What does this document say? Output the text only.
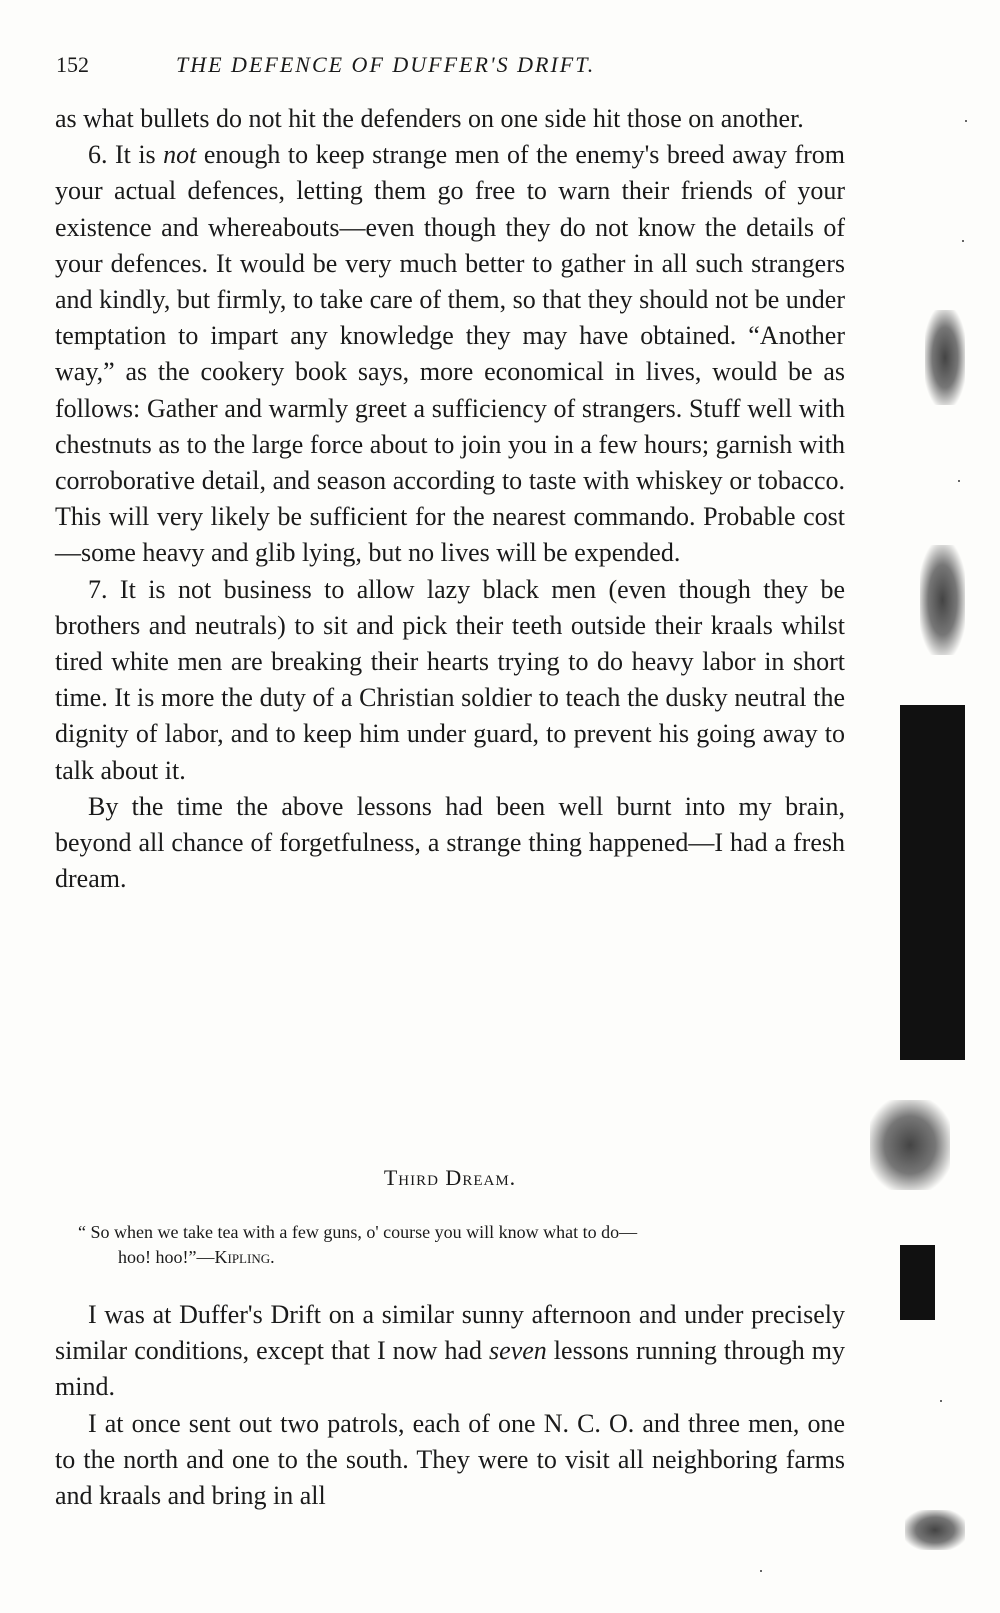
152	THE DEFENCE OF DUFFER'S DRIFT.

as what bullets do not hit the defenders on one side hit those on another.

6. It is not enough to keep strange men of the enemy's breed away from your actual defences, letting them go free to warn their friends of your existence and whereabouts—even though they do not know the details of your defences. It would be very much better to gather in all such strangers and kindly, but firmly, to take care of them, so that they should not be under temptation to impart any knowledge they may have obtained. “Another way,” as the cookery book says, more economical in lives, would be as follows: Gather and warmly greet a sufficiency of strangers. Stuff well with chestnuts as to the large force about to join you in a few hours; garnish with corroborative detail, and season according to taste with whiskey or tobacco. This will very likely be sufficient for the nearest commando. Probable cost—some heavy and glib lying, but no lives will be expended.

7. It is not business to allow lazy black men (even though they be brothers and neutrals) to sit and pick their teeth outside their kraals whilst tired white men are breaking their hearts trying to do heavy labor in short time. It is more the duty of a Christian soldier to teach the dusky neutral the dignity of labor, and to keep him under guard, to prevent his going away to talk about it.

By the time the above lessons had been well burnt into my brain, beyond all chance of forgetfulness, a strange thing happened—I had a fresh dream.

Third Dream.
“ So when we take tea with a few guns, o' course you will know what to do—
hoo! hoo!”—Kipling.

I was at Duffer's Drift on a similar sunny afternoon and under precisely similar conditions, except that I now had seven lessons running through my mind.

I at once sent out two patrols, each of one N. C. O. and three men, one to the north and one to the south. They were to visit all neighboring farms and kraals and bring in all
